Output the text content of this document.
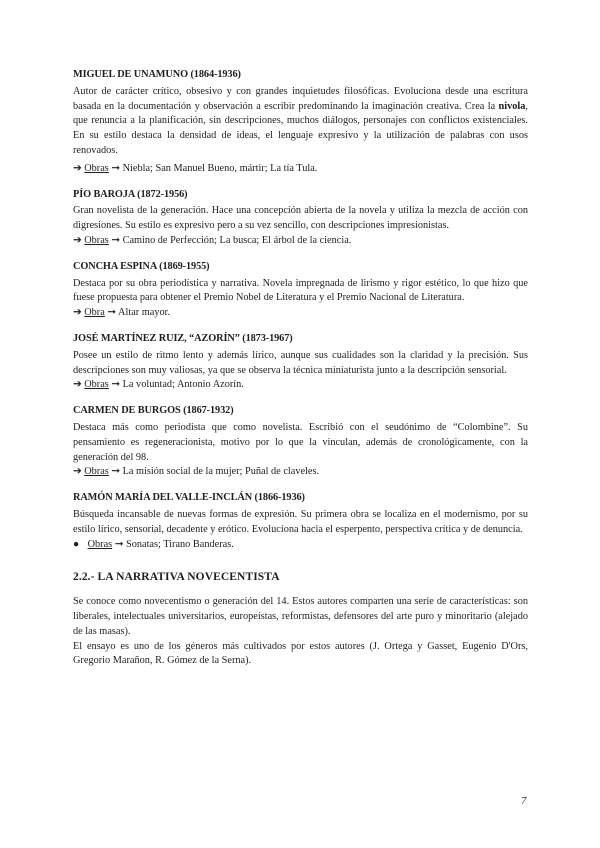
MIGUEL DE UNAMUNO (1864-1936)

Autor de carácter crítico, obsesivo y con grandes inquietudes filosóficas. Evoluciona desde una escritura basada en la documentación y observación a escribir predominando la imaginación creativa. Crea la nivola, que renuncia a la planificación, sin descripciones, muchos diálogos, personajes con conflictos existenciales. En su estilo destaca la densidad de ideas, el lenguaje expresivo y la utilización de palabras con usos renovados.

➔ Obras ➞ Niebla; San Manuel Bueno, mártir; La tía Tula.
PÍO BAROJA (1872-1956)

Gran novelista de la generación. Hace una concepción abierta de la novela y utiliza la mezcla de acción con digresiones. Su estilo es expresivo pero a su vez sencillo, con descripciones impresionistas.

➔ Obras ➞ Camino de Perfección; La busca; El árbol de la ciencia.
CONCHA ESPINA (1869-1955)

Destaca por su obra periodística y narrativa. Novela impregnada de lirismo y rigor estético, lo que hizo que fuese propuesta para obtener el Premio Nobel de Literatura y el Premio Nacional de Literatura.

➔ Obra ➞ Altar mayor.
JOSÉ MARTÍNEZ RUIZ, “AZORÍN” (1873-1967)

Posee un estilo de ritmo lento y además lírico, aunque sus cualidades son la claridad y la precisión. Sus descripciones son muy valiosas, ya que se observa la técnica miniaturista junto a la descripción sensorial.

➔ Obras ➞ La voluntad; Antonio Azorín.
CARMEN DE BURGOS (1867-1932)

Destaca más como periodista que como novelista. Escribió con el seudónimo de “Colombine”. Su pensamiento es regeneracionista, motivo por lo que la vinculan, además de cronológicamente, con la generación del 98.

➔ Obras ➞ La misión social de la mujer; Puñal de claveles.
RAMÓN MARÍA DEL VALLE-INCLÁN (1866-1936)

Búsqueda incansable de nuevas formas de expresión. Su primera obra se localiza en el modernismo, por su estilo lírico, sensorial, decadente y erótico. Evoluciona hacia el esperpento, perspectiva crítica y de denuncia.

● Obras ➞ Sonatas; Tirano Banderas.
2.2.- LA NARRATIVA NOVECENTISTA

Se conoce como novecentismo o generación del 14. Estos autores comparten una serie de características: son liberales, intelectuales universitarios, europeístas, reformistas, defensores del arte puro y minoritario (alejado de las masas).

El ensayo es uno de los géneros más cultivados por estos autores (J. Ortega y Gasset, Eugenio D'Ors, Gregorio Marañon, R. Gómez de la Serna).

7
